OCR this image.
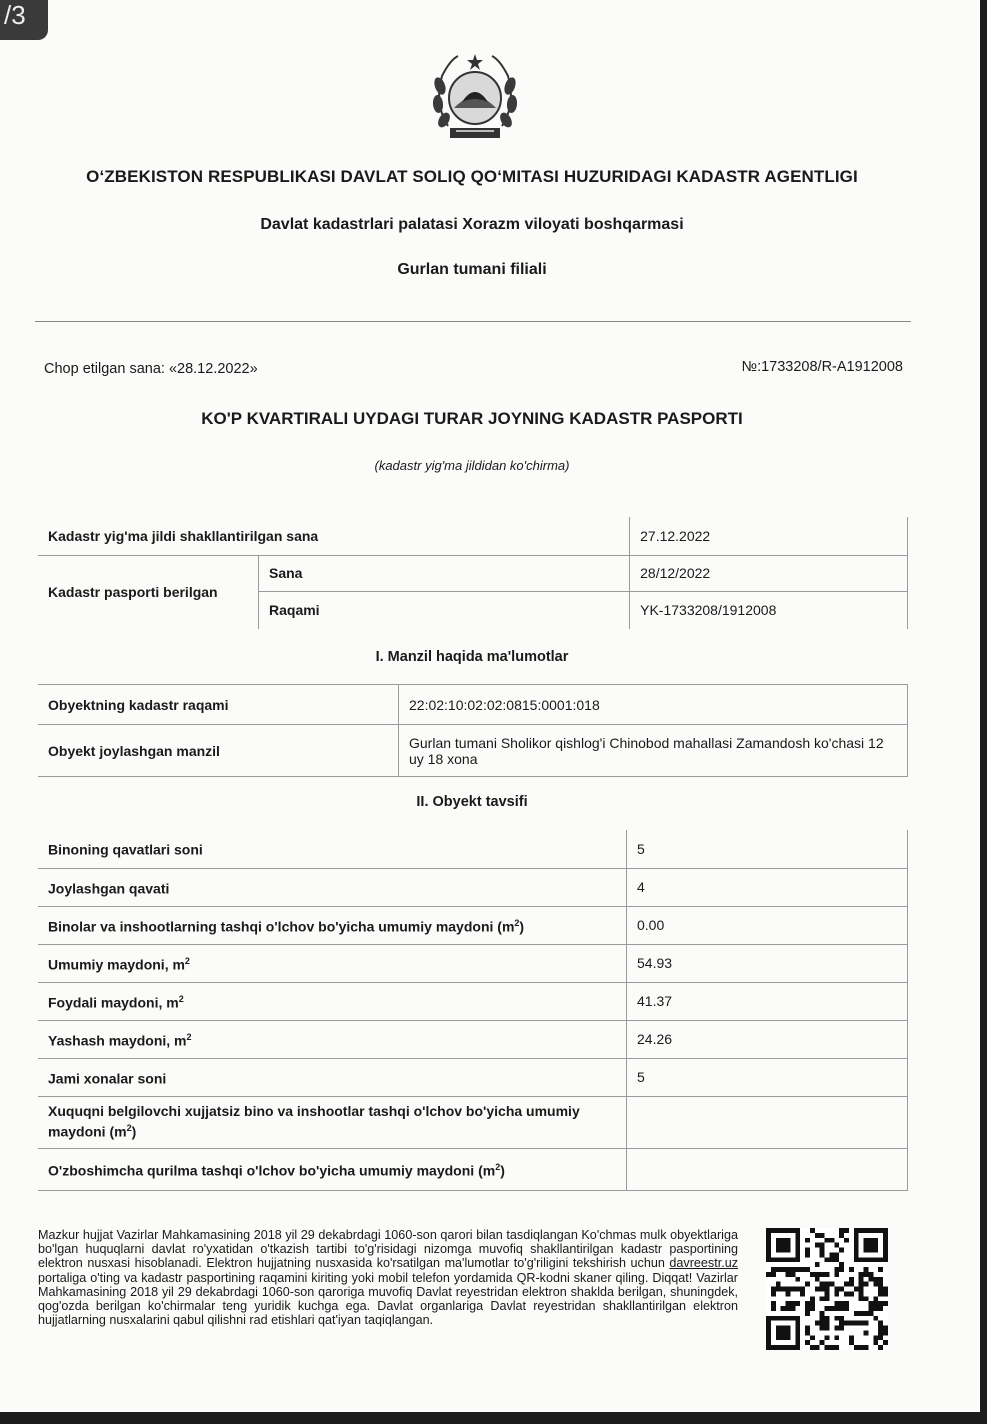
/3
O‘ZBEKISTON RESPUBLIKASI DAVLAT SOLIQ QO‘MITASI HUZURIDAGI KADASTR AGENTLIGI
Davlat kadastrlari palatasi Xorazm viloyati boshqarmasi
Gurlan tumani filiali
Chop etilgan sana: «28.12.2022»	№:1733208/R-A1912008
KO'P KVARTIRALI UYDAGI TURAR JOYNING KADASTR PASPORTI
(kadastr yig'ma jildidan ko'chirma)
Kadastr yig'ma jildi shakllantirilgan sana		27.12.2022
Kadastr pasporti berilgan	Sana	28/12/2022
	Raqami	YK-1733208/1912008
I. Manzil haqida ma'lumotlar
Obyektning kadastr raqami	22:02:10:02:02:0815:0001:018
Obyekt joylashgan manzil	Gurlan tumani Sholikor qishlog'i Chinobod mahallasi Zamandosh ko'chasi 12 uy 18 xona
II. Obyekt tavsifi
Binoning qavatlari soni	5
Joylashgan qavati	4
Binolar va inshootlarning tashqi o'lchov bo'yicha umumiy maydoni $(m^2)$	0.00
Umumiy maydoni, $m^2$	54.93
Foydali maydoni, $m^2$	41.37
Yashash maydoni, $m^2$	24.26
Jami xonalar soni	5
Xuquqni belgilovchi xujjatsiz bino va inshootlar tashqi o'lchov bo'yicha umumiy maydoni $(m^2)$	
O'zboshimcha qurilma tashqi o'lchov bo'yicha umumiy maydoni $(m^2)$	
Mazkur hujjat Vazirlar Mahkamasining 2018 yil 29 dekabrdagi 1060-son qarori bilan tasdiqlangan Ko'chmas mulk obyektlariga bo'lgan huquqlarni davlat ro'yxatidan o'tkazish tartibi to'g'risidagi nizomga muvofiq shakllantirilgan kadastr pasportining elektron nusxasi hisoblanadi. Elektron hujjatning nusxasida ko'rsatilgan ma'lumotlar to'g'riligini tekshirish uchun davreestr.uz portaliga o'ting va kadastr pasportining raqamini kiriting yoki mobil telefon yordamida QR-kodni skaner qiling. Diqqat! Vazirlar Mahkamasining 2018 yil 29 dekabrdagi 1060-son qaroriga muvofiq Davlat reyestridan elektron shaklda berilgan, shuningdek, qog'ozda berilgan ko'chirmalar teng yuridik kuchga ega. Davlat organlariga Davlat reyestridan shakllantirilgan elektron hujjatlarning nusxalarini qabul qilishni rad etishlari qat'iyan taqiqlangan.
